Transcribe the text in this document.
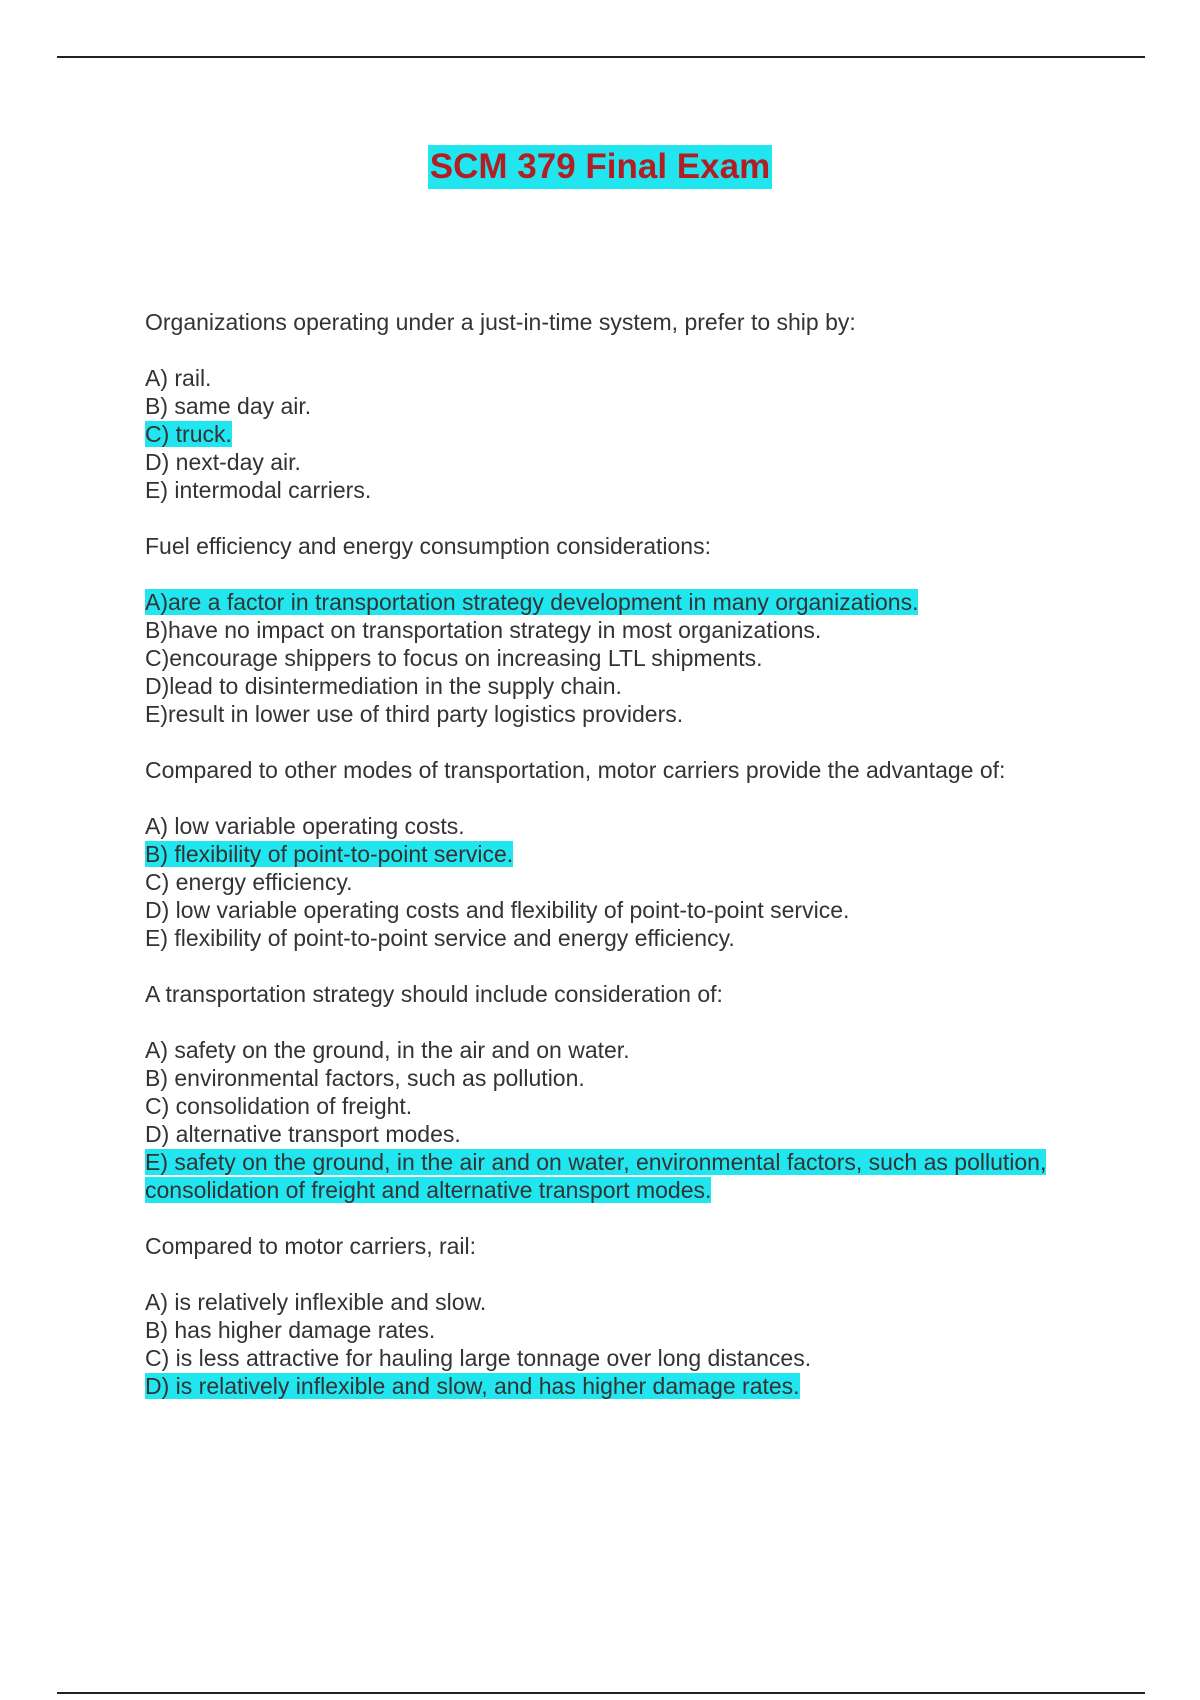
SCM 379 Final Exam

Organizations operating under a just-in-time system, prefer to ship by:

A) rail.
B) same day air.
C) truck.
D) next-day air.
E) intermodal carriers.

Fuel efficiency and energy consumption considerations:

A)are a factor in transportation strategy development in many organizations.
B)have no impact on transportation strategy in most organizations.
C)encourage shippers to focus on increasing LTL shipments.
D)lead to disintermediation in the supply chain.
E)result in lower use of third party logistics providers.

Compared to other modes of transportation, motor carriers provide the advantage of:

A) low variable operating costs.
B) flexibility of point-to-point service.
C) energy efficiency.
D) low variable operating costs and flexibility of point-to-point service.
E) flexibility of point-to-point service and energy efficiency.

A transportation strategy should include consideration of:

A) safety on the ground, in the air and on water.
B) environmental factors, such as pollution.
C) consolidation of freight.
D) alternative transport modes.
E) safety on the ground, in the air and on water, environmental factors, such as pollution, consolidation of freight and alternative transport modes.

Compared to motor carriers, rail:

A) is relatively inflexible and slow.
B) has higher damage rates.
C) is less attractive for hauling large tonnage over long distances.
D) is relatively inflexible and slow, and has higher damage rates.
